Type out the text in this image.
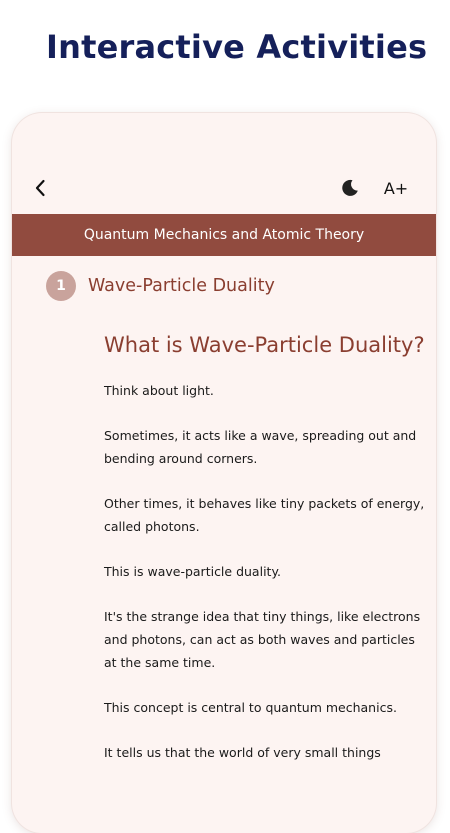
Interactive Activities
A+
Quantum Mechanics and Atomic Theory
1	Wave-Particle Duality
What is Wave-Particle Duality?

Think about light.

Sometimes, it acts like a wave, spreading out and bending around corners.

Other times, it behaves like tiny packets of energy, called photons.

This is wave-particle duality.

It's the strange idea that tiny things, like electrons and photons, can act as both waves and particles at the same time.

This concept is central to quantum mechanics.

It tells us that the world of very small things
